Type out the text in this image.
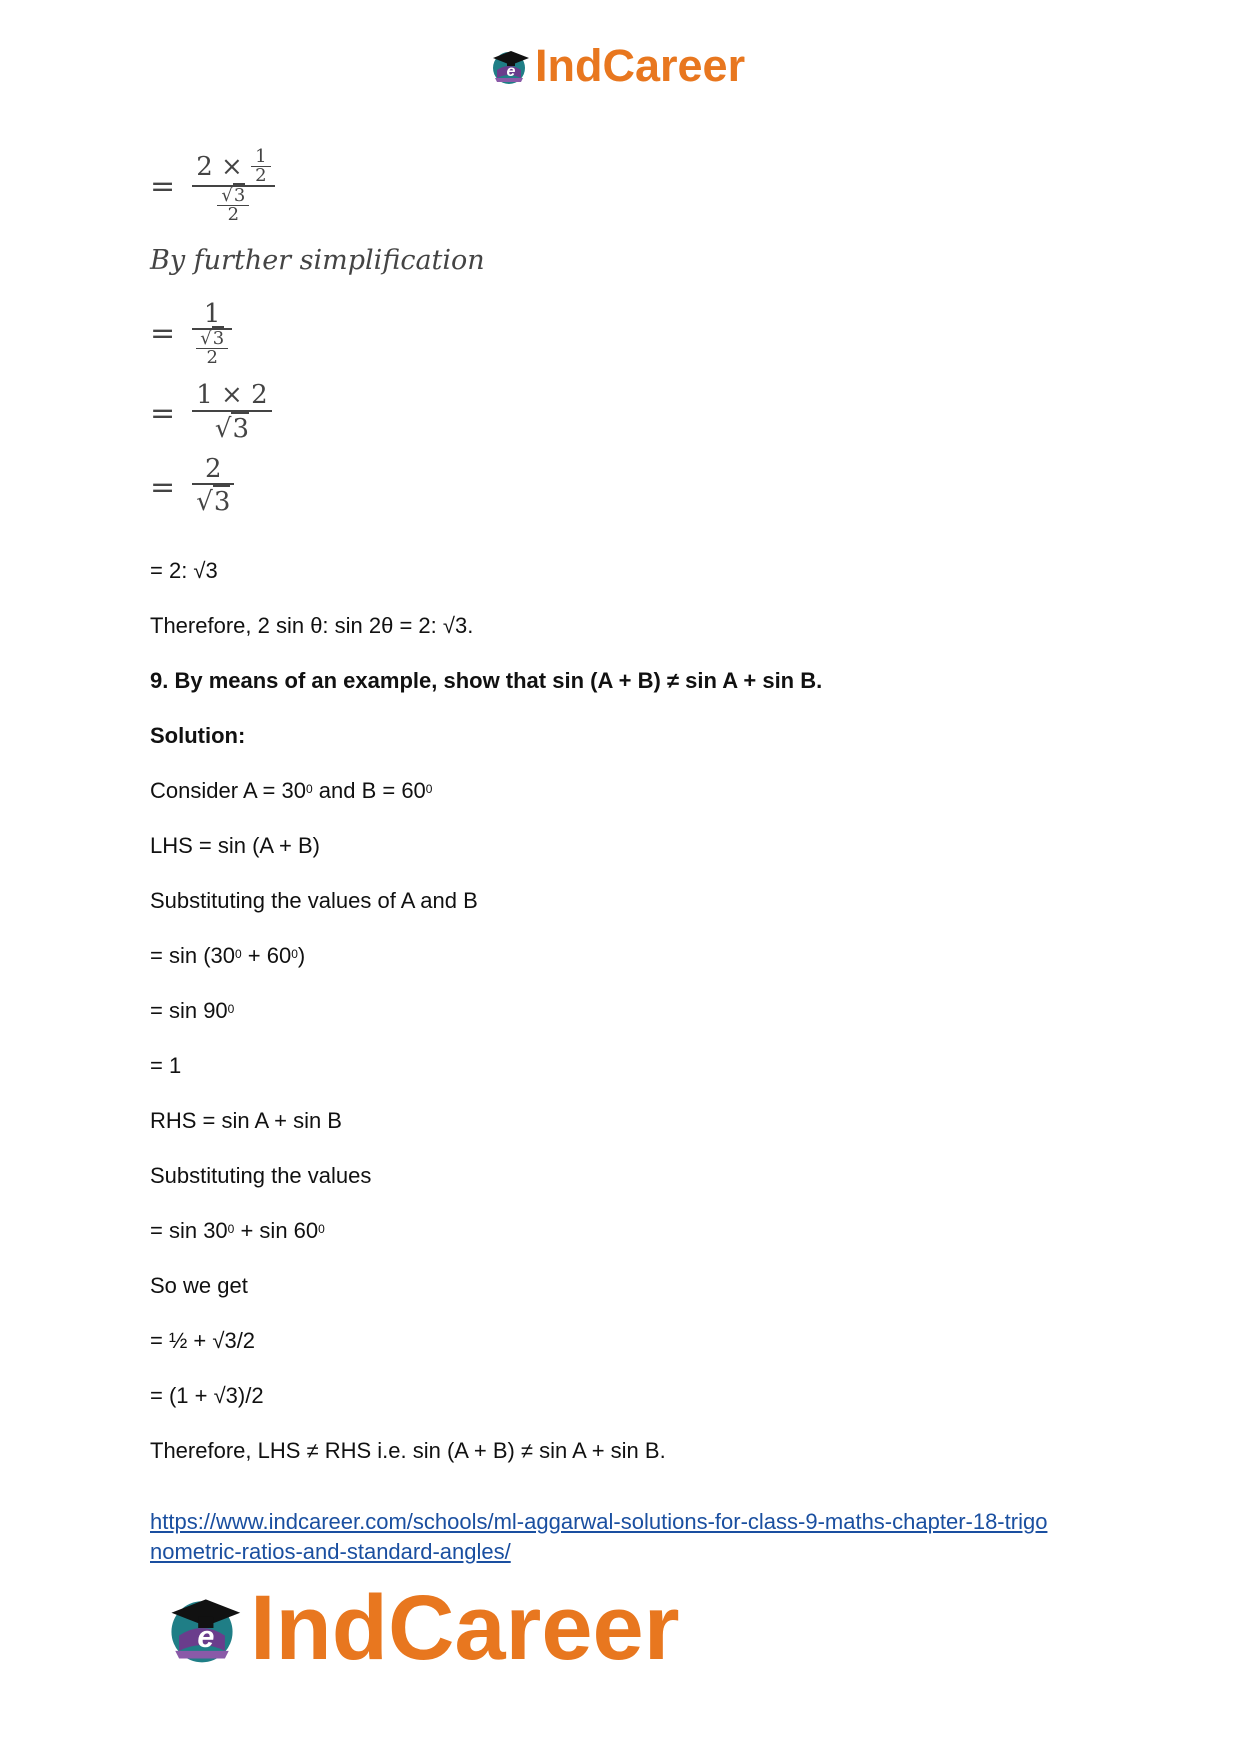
e IndCareer
= 2 ×
$\frac{1}{2}$
$\frac{√3}{2}$
By further simplification
= $\frac{1}{\frac{√3}{2}}$
= $\frac{1 \times 2}{√3}$
= $\frac{2}{√3}$
= 2: √3
Therefore, 2 sin θ: sin 2θ = 2: √3.
9. By means of an example, show that sin (A + B) ≠ sin A + sin B.
Solution:
Consider $A = 30^0$ and $B = 60^0$
LHS = sin (A + B)
Substituting the values of A and B
= $\sin (30^0 + 60^0)$
= $\sin 90^0$
= 1
RHS = sin A + sin B
Substituting the values
= $\sin 30^0 + \sin 60^0$
So we get
= ½ + √3/2
= (1 + √3)/2
Therefore, LHS ≠ RHS i.e. sin (A + B) ≠ sin A + sin B.
https://www.indcareer.com/schools/ml-aggarwal-solutions-for-class-9-maths-chapter-18-trigo
nometric-ratios-and-standard-angles/
e IndCareer
